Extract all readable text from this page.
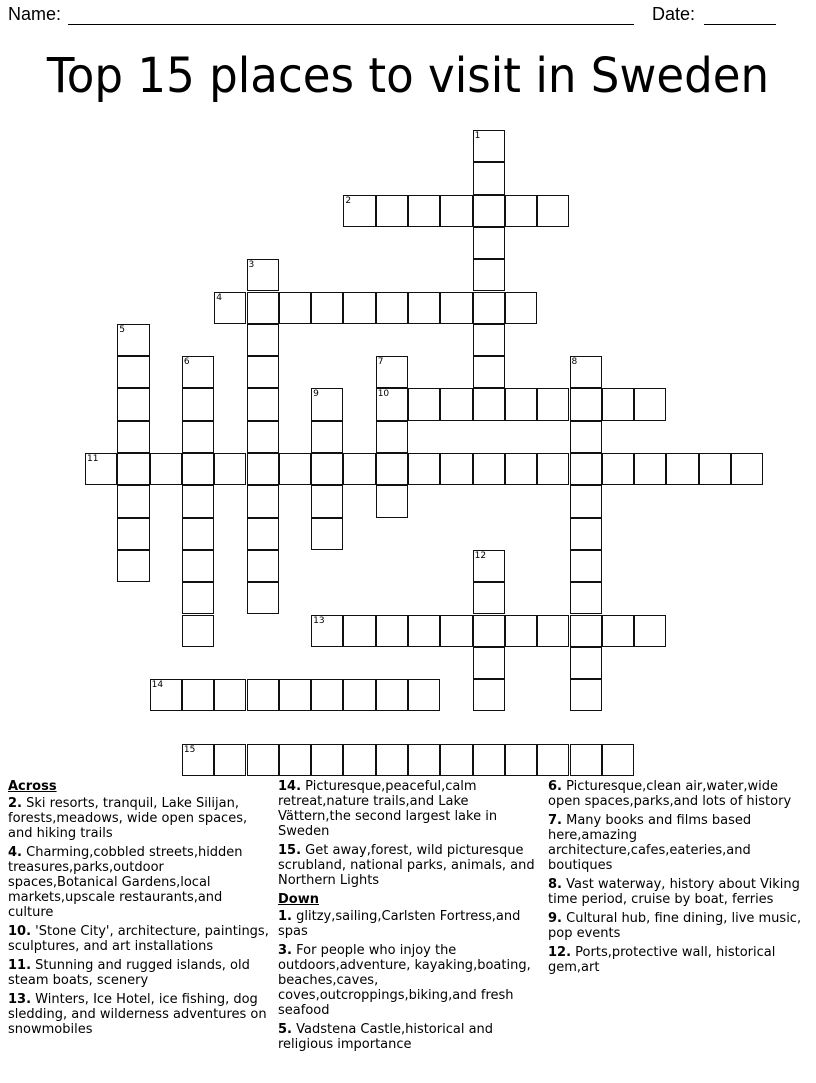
Name:	Date:
Top 15 places to visit in Sweden
1
2
3
4
5
6	7
10
8
9
11
12
13
14
15
Across
2. Ski resorts, tranquil, Lake Silijan, forests,meadows, wide open spaces, and hiking trails
4. Charming,cobbled streets,hidden treasures,parks,outdoor spaces,Botanical Gardens,local markets,upscale restaurants,and culture
10. 'Stone City', architecture, paintings, sculptures, and art installations
11. Stunning and rugged islands, old steam boats, scenery
13. Winters, Ice Hotel, ice fishing, dog sledding, and wilderness adventures on snowmobiles
14. Picturesque,peaceful,calm retreat,nature trails,and Lake Vättern,the second largest lake in Sweden
15. Get away,forest, wild picturesque scrubland, national parks, animals, and Northern Lights
Down
1. glitzy,sailing,Carlsten Fortress,and spas
3. For people who injoy the outdoors,adventure, kayaking,boating, beaches,caves, coves,outcroppings,biking,and fresh seafood
5. Vadstena Castle,historical and religious importance
6. Picturesque,clean air,water,wide open spaces,parks,and lots of history
7. Many books and films based here,amazing architecture,cafes,eateries,and boutiques
8. Vast waterway, history about Viking time period, cruise by boat, ferries
9. Cultural hub, fine dining, live music, pop events
12. Ports,protective wall, historical gem,art
